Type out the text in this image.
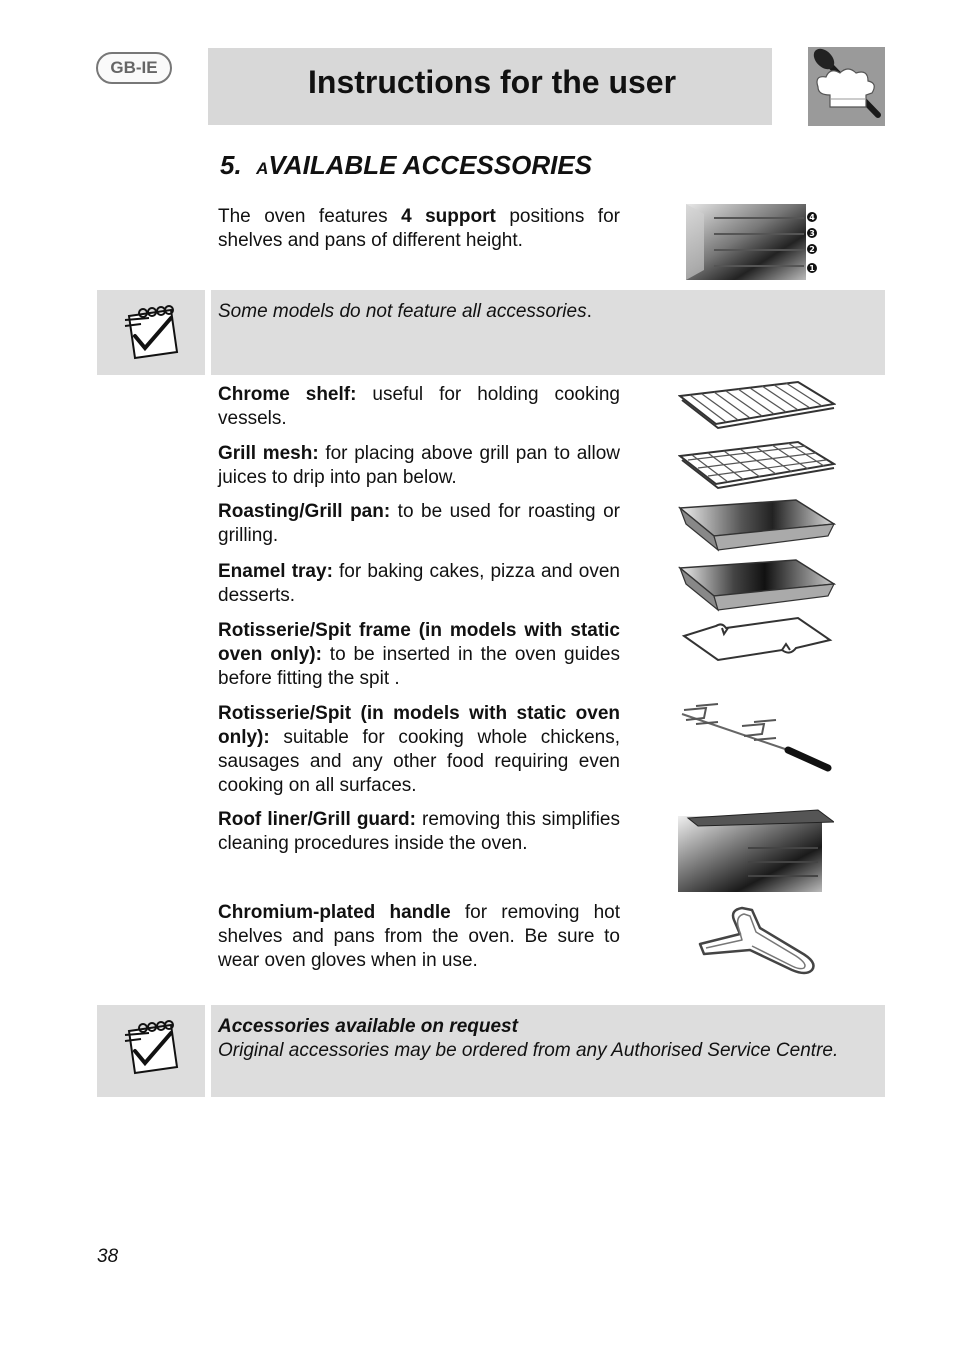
GB-IE	Instructions for the user
5. AVAILABLE ACCESSORIES

The oven features 4 support positions for shelves and pans of different height.

4
3
2
1

Some models do not feature all accessories.

Chrome shelf: useful for holding cooking vessels.

Grill mesh: for placing above grill pan to allow juices to drip into pan below.

Roasting/Grill pan: to be used for roasting or grilling.

Enamel tray: for baking cakes, pizza and oven desserts.

Rotisserie/Spit frame (in models with static oven only): to be inserted in the oven guides before fitting the spit .

Rotisserie/Spit (in models with static oven only): suitable for cooking whole chickens, sausages and any other food requiring even cooking on all surfaces.

Roof liner/Grill guard: removing this simplifies cleaning procedures inside the oven.

Chromium-plated handle for removing hot shelves and pans from the oven. Be sure to wear oven gloves when in use.

Accessories available on request

Original accessories may be ordered from any Authorised Service Centre.

38
